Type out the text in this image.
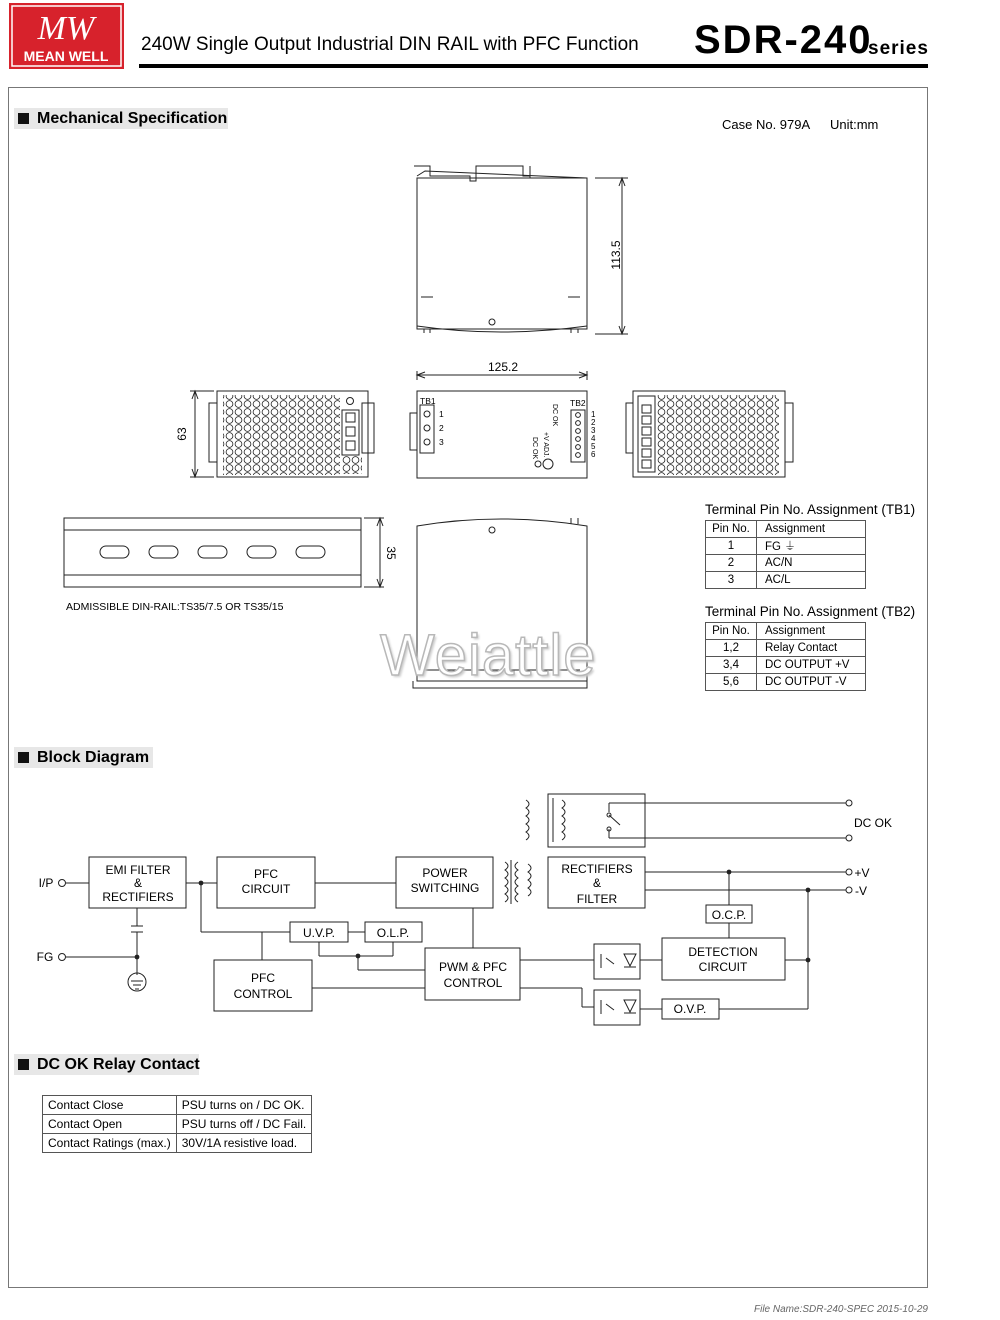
MW
MEAN WELL
240W Single Output Industrial DIN RAIL with PFC Function SDR-240
series
Mechanical Specification	Case No. 979A Unit:mm
113.5
125.2
TB1	TB2
1
2
3
1
2
3
4
5
6
DC OK
+V ADJ.
DC OK
63
35
I/P
FG
EMI FILTER
&
RECTIFIERS
PFC
CIRCUIT
POWER
SWITCHING
RECTIFIERS
&
FILTER
U.V.P.	O.L.P.
PFC
CONTROL
PWM & PFC
CONTROL
O.C.P.
DETECTION
CIRCUIT
O.V.P.
DC OK
+V
-V
Terminal Pin No. Assignment (TB1)
Pin No.	Assignment
1	FG ⏚
2	AC/N
3	AC/L
Terminal Pin No. Assignment (TB2)
Pin No.	Assignment
1,2	Relay Contact
3,4	DC OUTPUT +V
5,6	DC OUTPUT -V
ADMISSIBLE DIN-RAIL:TS35/7.5 OR TS35/15
Weiattle
Block Diagram
DC OK Relay Contact
Contact Close	PSU turns on / DC OK.
Contact Open	PSU turns off / DC Fail.
Contact Ratings (max.)	30V/1A resistive load.
File Name:SDR-240-SPEC 2015-10-29
